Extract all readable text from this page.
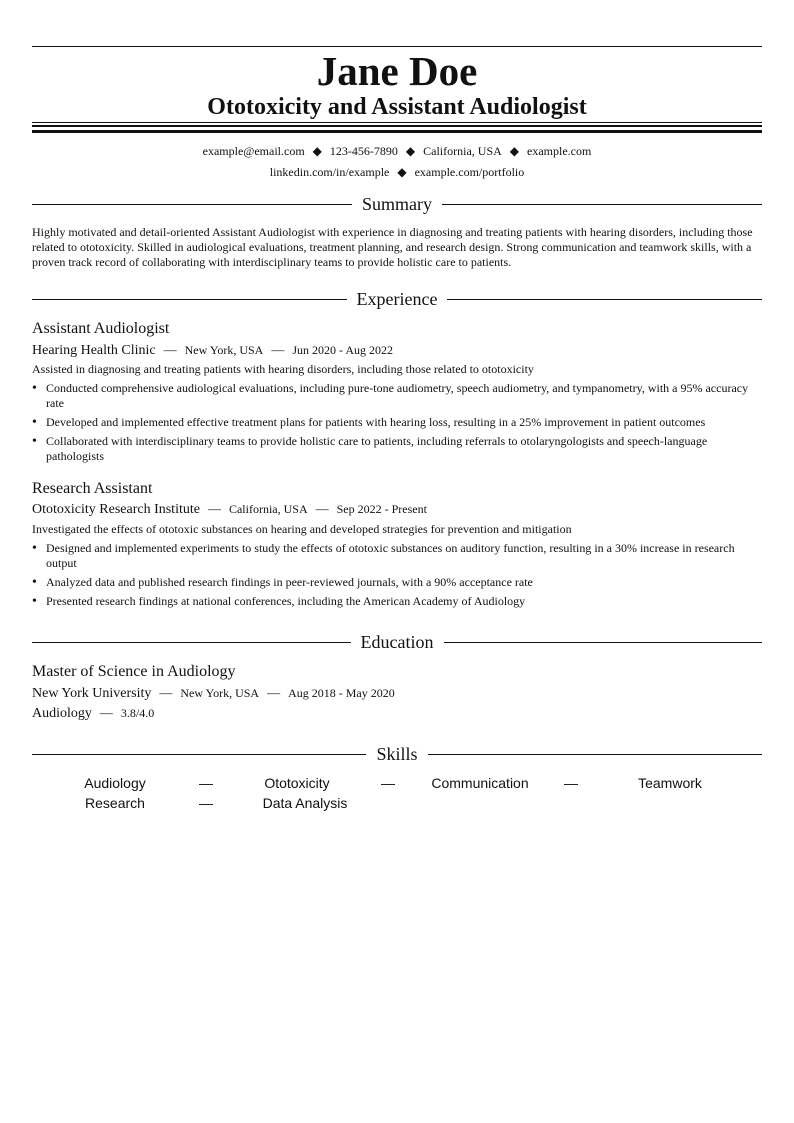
Jane Doe
Ototoxicity and Assistant Audiologist
example@email.com ◆ 123-456-7890 ◆ California, USA ◆ example.com
linkedin.com/in/example ◆ example.com/portfolio
Summary
Highly motivated and detail-oriented Assistant Audiologist with experience in diagnosing and treating patients with hearing disorders, including those related to ototoxicity. Skilled in audiological evaluations, treatment planning, and research design. Strong communication and teamwork skills, with a proven track record of collaborating with interdisciplinary teams to provide holistic care to patients.
Experience
Assistant Audiologist
Hearing Health Clinic — New York, USA — Jun 2020 - Aug 2022
Assisted in diagnosing and treating patients with hearing disorders, including those related to ototoxicity
• Conducted comprehensive audiological evaluations, including pure-tone audiometry, speech audiometry, and tympanometry, with a 95% accuracy rate
• Developed and implemented effective treatment plans for patients with hearing loss, resulting in a 25% improvement in patient outcomes
• Collaborated with interdisciplinary teams to provide holistic care to patients, including referrals to otolaryngologists and speech-language pathologists
Research Assistant
Ototoxicity Research Institute — California, USA — Sep 2022 - Present
Investigated the effects of ototoxic substances on hearing and developed strategies for prevention and mitigation
• Designed and implemented experiments to study the effects of ototoxic substances on auditory function, resulting in a 30% increase in research output
• Analyzed data and published research findings in peer-reviewed journals, with a 90% acceptance rate
• Presented research findings at national conferences, including the American Academy of Audiology
Education
Master of Science in Audiology
New York University — New York, USA — Aug 2018 - May 2020
Audiology — 3.8/4.0
Skills
Audiology	—	Ototoxicity	—	Communication	—	Teamwork
Research	—	Data Analysis
